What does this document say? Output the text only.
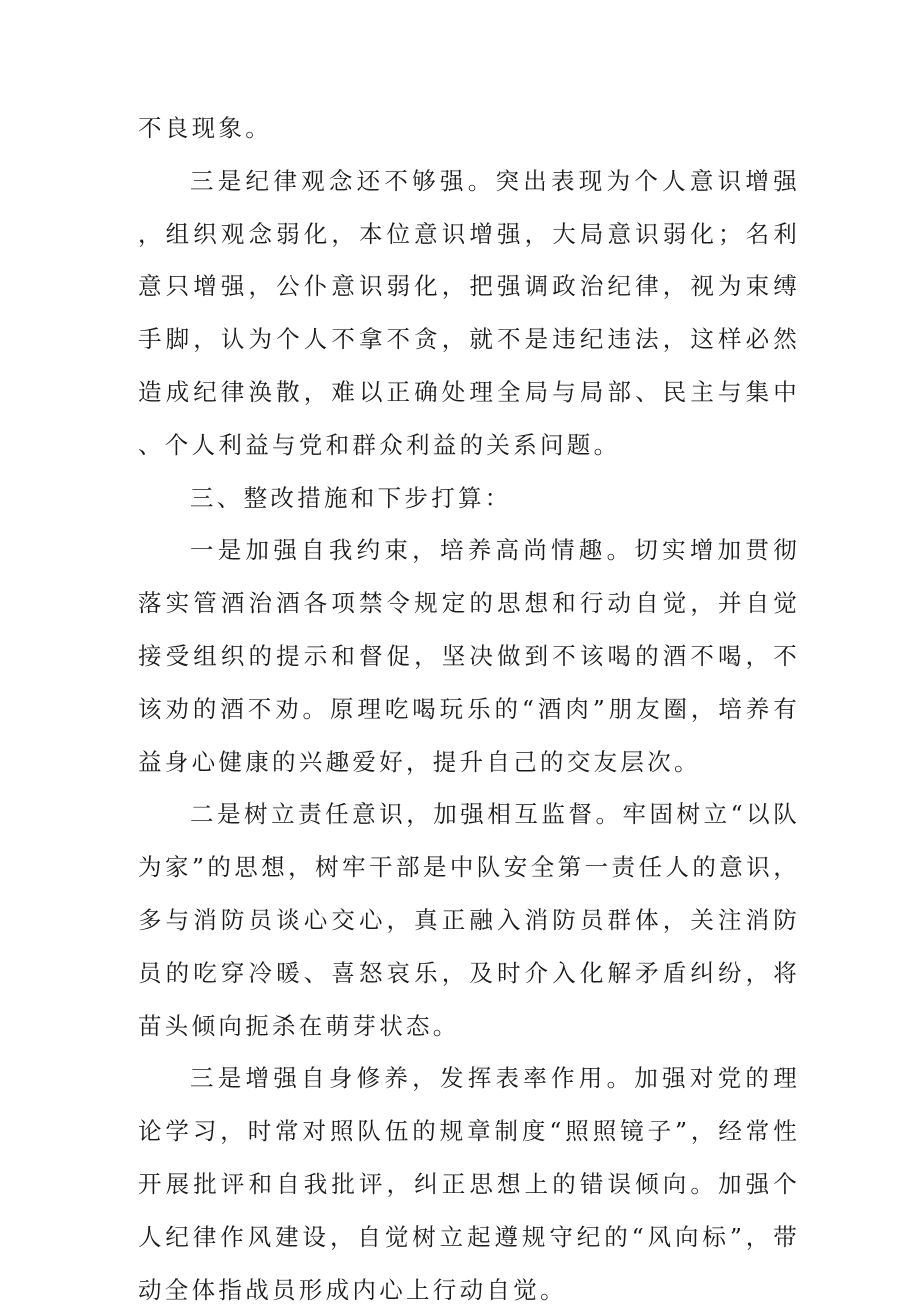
不良现象。

三是纪律观念还不够强。突出表现为个人意识增强，组织观念弱化，本位意识增强，大局意识弱化；名利意只增强，公仆意识弱化，把强调政治纪律，视为束缚手脚，认为个人不拿不贪，就不是违纪违法，这样必然造成纪律涣散，难以正确处理全局与局部、民主与集中、个人利益与党和群众利益的关系问题。

三、整改措施和下步打算：

一是加强自我约束，培养高尚情趣。切实增加贯彻落实管酒治酒各项禁令规定的思想和行动自觉，并自觉接受组织的提示和督促，坚决做到不该喝的酒不喝，不该劝的酒不劝。原理吃喝玩乐的“酒肉”朋友圈，培养有益身心健康的兴趣爱好，提升自己的交友层次。

二是树立责任意识，加强相互监督。牢固树立“以队为家”的思想，树牢干部是中队安全第一责任人的意识，多与消防员谈心交心，真正融入消防员群体，关注消防员的吃穿冷暖、喜怒哀乐，及时介入化解矛盾纠纷，将苗头倾向扼杀在萌芽状态。

三是增强自身修养，发挥表率作用。加强对党的理论学习，时常对照队伍的规章制度“照照镜子”，经常性开展批评和自我批评，纠正思想上的错误倾向。加强个人纪律作风建设，自觉树立起遵规守纪的“风向标”，带动全体指战员形成内心上行动自觉。
